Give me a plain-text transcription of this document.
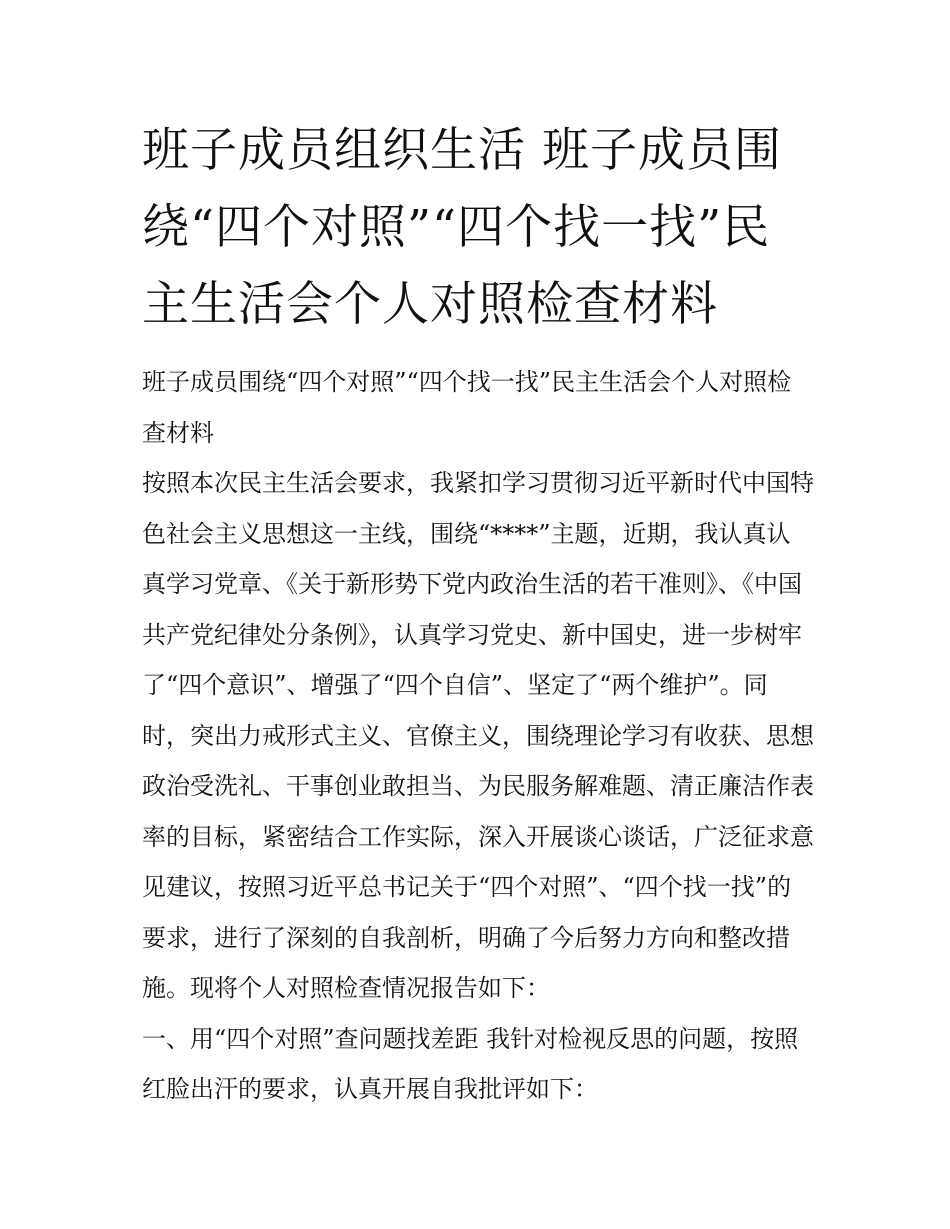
班子成员组织生活 班子成员围绕“四个对照”“四个找一找”民主生活会个人对照检查材料

班子成员围绕“四个对照”“四个找一找”民主生活会个人对照检查材料

按照本次民主生活会要求，我紧扣学习贯彻习近平新时代中国特色社会主义思想这一主线，围绕“****”主题，近期，我认真认真学习党章、《关于新形势下党内政治生活的若干准则》、《中国共产党纪律处分条例》，认真学习党史、新中国史，进一步树牢了“四个意识”、增强了“四个自信”、坚定了“两个维护”。同时，突出力戒形式主义、官僚主义，围绕理论学习有收获、思想政治受洗礼、干事创业敢担当、为民服务解难题、清正廉洁作表率的目标，紧密结合工作实际，深入开展谈心谈话，广泛征求意见建议，按照习近平总书记关于“四个对照”、“四个找一找”的要求，进行了深刻的自我剖析，明确了今后努力方向和整改措施。现将个人对照检查情况报告如下：

一、用“四个对照”查问题找差距 我针对检视反思的问题，按照红脸出汗的要求，认真开展自我批评如下：
